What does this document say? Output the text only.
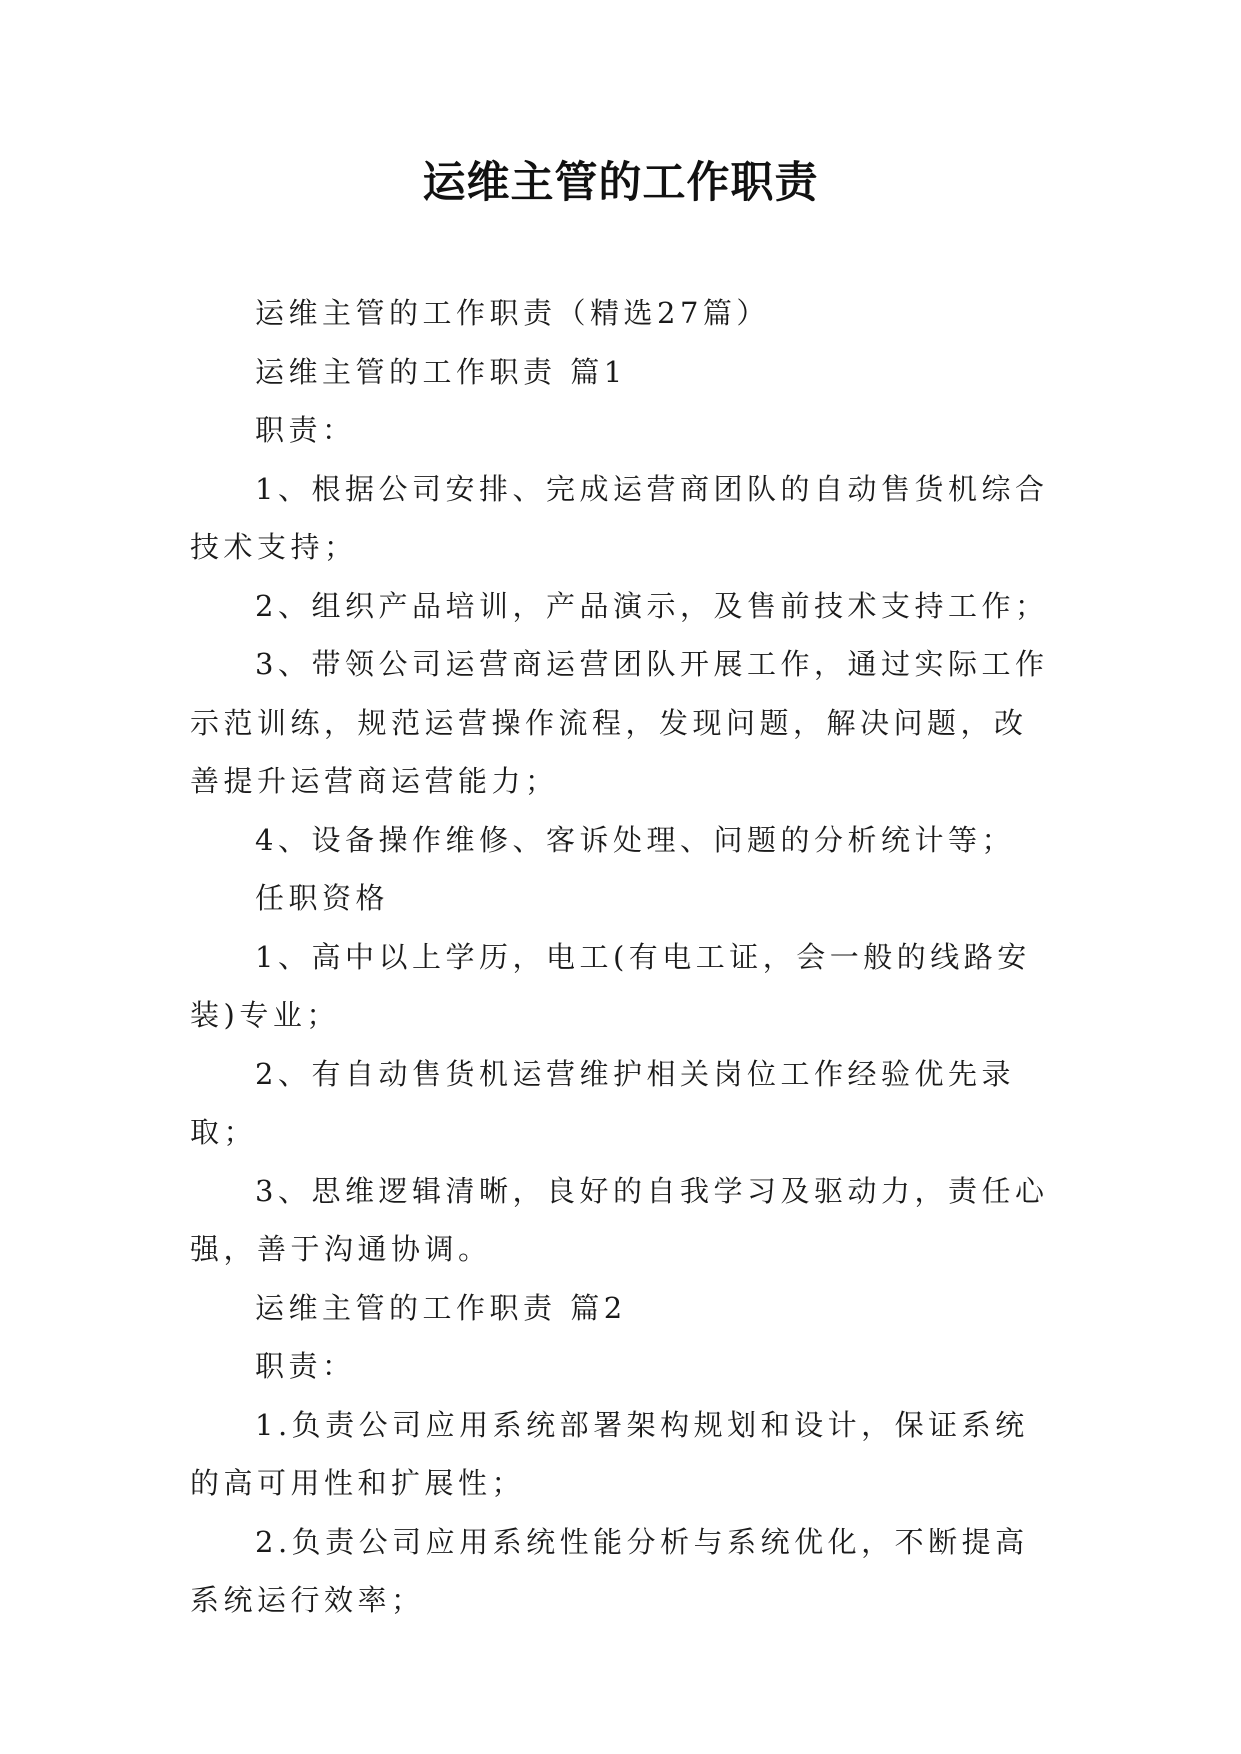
运维主管的工作职责

运维主管的工作职责（精选27篇）

运维主管的工作职责 篇1

职责：

1、根据公司安排、完成运营商团队的自动售货机综合技术支持；

2、组织产品培训，产品演示，及售前技术支持工作；

3、带领公司运营商运营团队开展工作，通过实际工作示范训练，规范运营操作流程，发现问题，解决问题，改善提升运营商运营能力；

4、设备操作维修、客诉处理、问题的分析统计等；

任职资格

1、高中以上学历，电工(有电工证，会一般的线路安装)专业；

2、有自动售货机运营维护相关岗位工作经验优先录取；

3、思维逻辑清晰，良好的自我学习及驱动力，责任心强，善于沟通协调。

运维主管的工作职责 篇2

职责：

1.负责公司应用系统部署架构规划和设计，保证系统的高可用性和扩展性；

2.负责公司应用系统性能分析与系统优化，不断提高系统运行效率；
